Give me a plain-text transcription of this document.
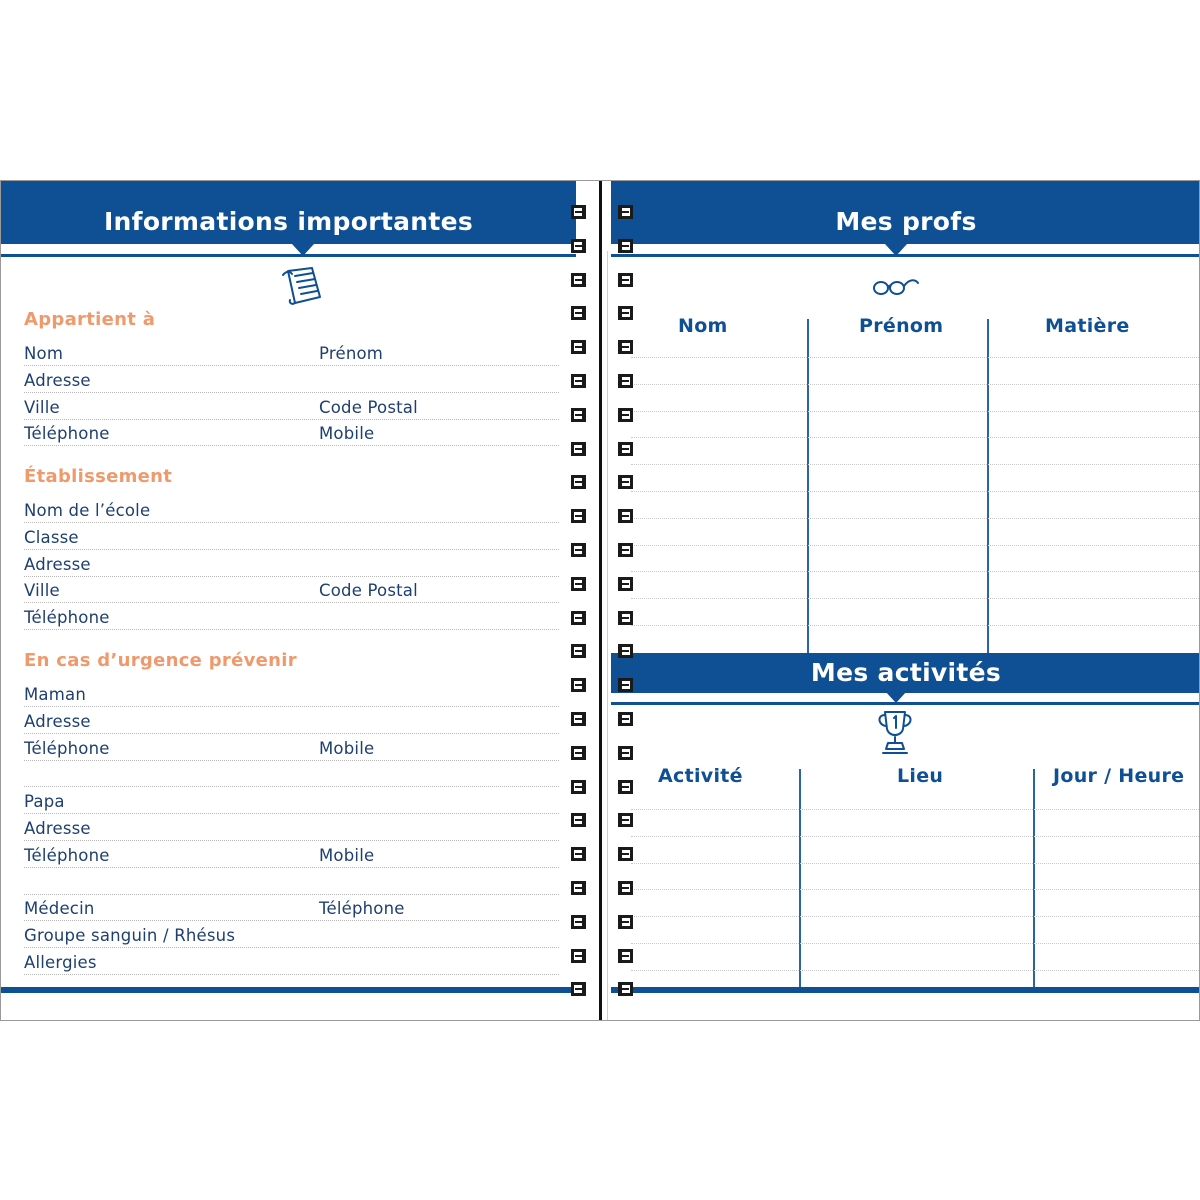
Informations importantes
Appartient à
Nom	Prénom
Adresse
Ville	Code Postal
Téléphone	Mobile
Établissement
Nom de l’école
Classe
Adresse
Ville	Code Postal
Téléphone
En cas d’urgence prévenir
Maman
Adresse
Téléphone	Mobile
Papa
Adresse
Téléphone	Mobile
Médecin	Téléphone
Groupe sanguin / Rhésus
Allergies
Mes profs
Nom	Prénom	Matière
Mes activités
Activité	Lieu	Jour / Heure
